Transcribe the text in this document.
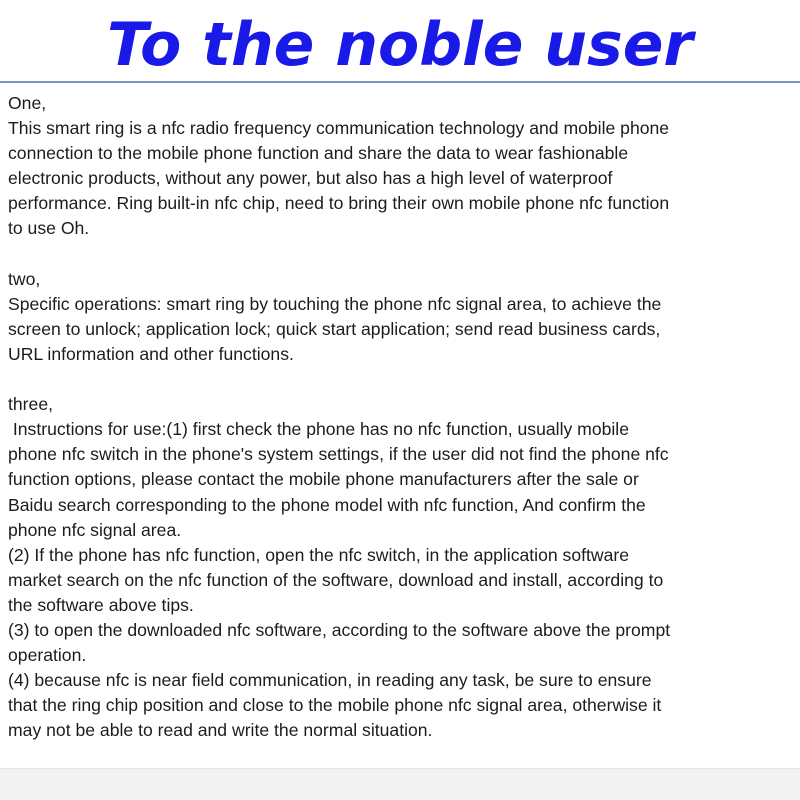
To the noble user

One,

This smart ring is a nfc radio frequency communication technology and mobile phone

connection to the mobile phone function and share the data to wear fashionable

electronic products, without any power, but also has a high level of waterproof

performance. Ring built-in nfc chip, need to bring their own mobile phone nfc function

to use Oh.

two,

Specific operations: smart ring by touching the phone nfc signal area, to achieve the

screen to unlock; application lock; quick start application; send read business cards,

URL information and other functions.

three,

Instructions for use:(1) first check the phone has no nfc function, usually mobile

phone nfc switch in the phone's system settings, if the user did not find the phone nfc

function options, please contact the mobile phone manufacturers after the sale or

Baidu search corresponding to the phone model with nfc function, And confirm the

phone nfc signal area.

(2) If the phone has nfc function, open the nfc switch, in the application software

market search on the nfc function of the software, download and install, according to

the software above tips.

(3) to open the downloaded nfc software, according to the software above the prompt

operation.

(4) because nfc is near field communication, in reading any task, be sure to ensure

that the ring chip position and close to the mobile phone nfc signal area, otherwise it

may not be able to read and write the normal situation.
